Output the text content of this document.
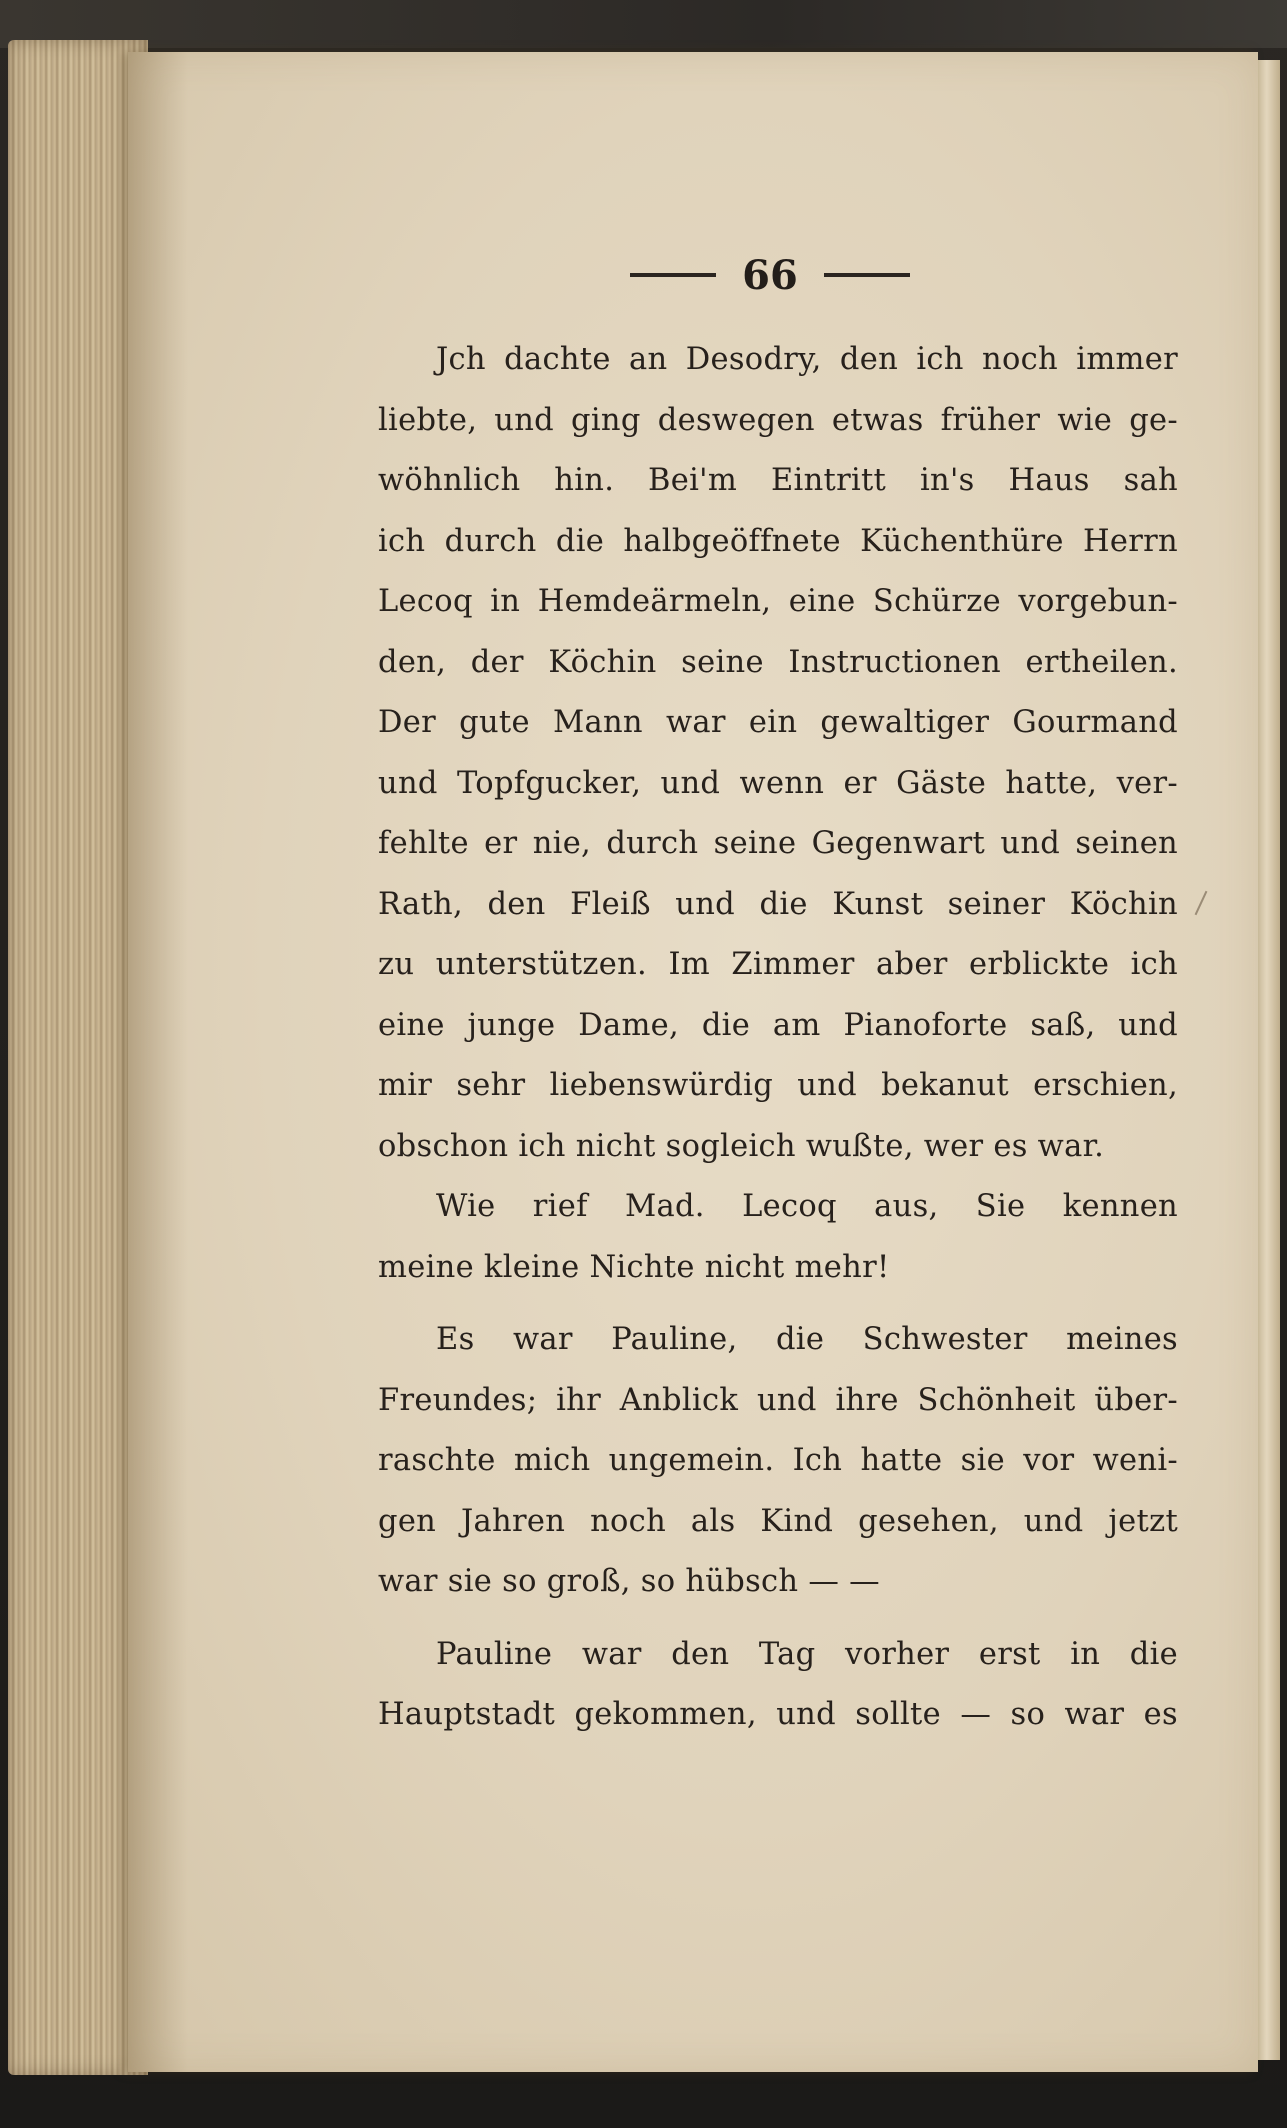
66
Jch dachte an Desodry, den ich noch immer
liebte, und ging deswegen etwas früher wie ge-
wöhnlich hin. Bei'm Eintritt in's Haus sah
ich durch die halbgeöffnete Küchenthüre Herrn
Lecoq in Hemdeärmeln, eine Schürze vorgebun-
den, der Köchin seine Instructionen ertheilen.
Der gute Mann war ein gewaltiger Gourmand
und Topfgucker, und wenn er Gäste hatte, ver-
fehlte er nie, durch seine Gegenwart und seinen
Rath, den Fleiß und die Kunst seiner Köchin
zu unterstützen. Im Zimmer aber erblickte ich
eine junge Dame, die am Pianoforte saß, und
mir sehr liebenswürdig und bekanut erschien,
obschon ich nicht sogleich wußte, wer es war.
Wie rief Mad. Lecoq aus, Sie kennen
meine kleine Nichte nicht mehr!
Es war Pauline, die Schwester meines
Freundes; ihr Anblick und ihre Schönheit über-
raschte mich ungemein. Ich hatte sie vor weni-
gen Jahren noch als Kind gesehen, und jetzt
war sie so groß, so hübsch — —
Pauline war den Tag vorher erst in die
Hauptstadt gekommen, und sollte — so war es
